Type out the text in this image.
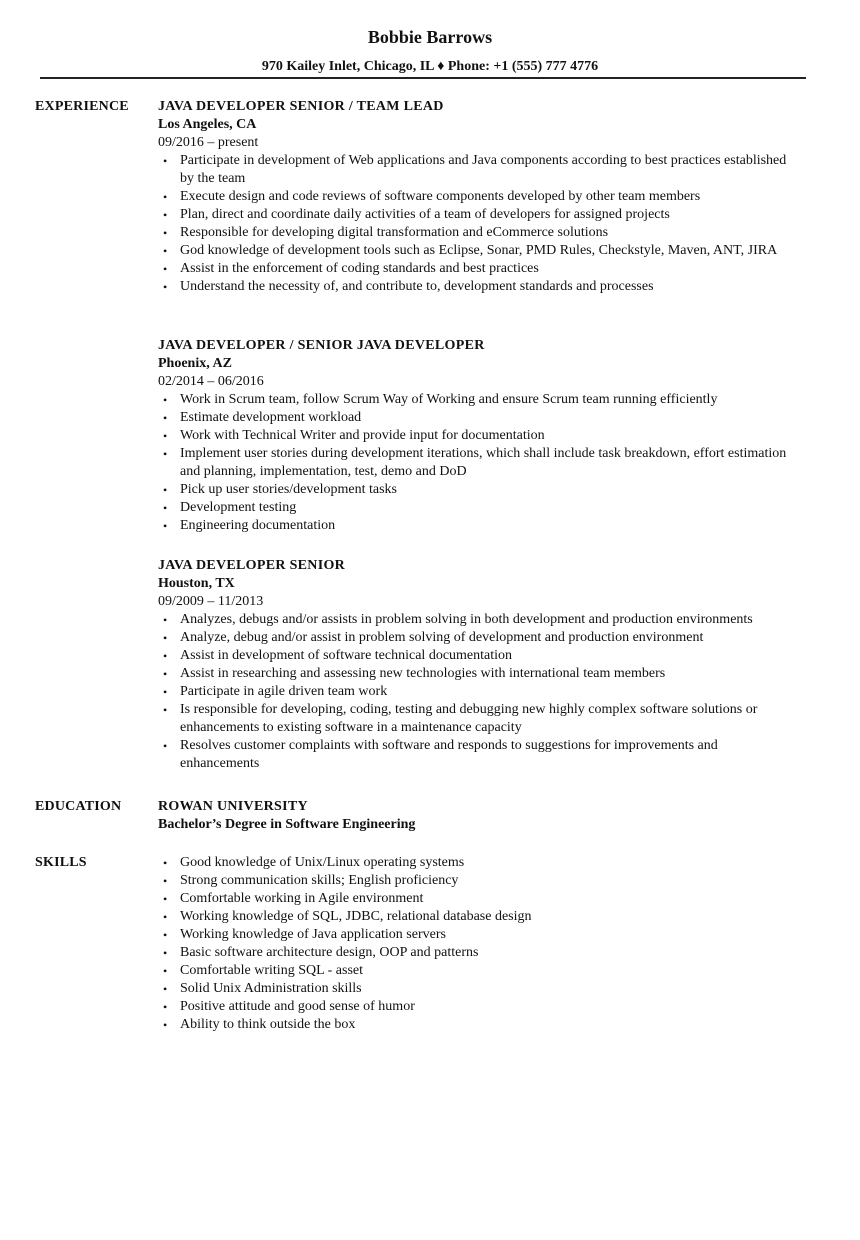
Bobbie Barrows
970 Kailey Inlet, Chicago, IL ♦ Phone: +1 (555) 777 4776
EXPERIENCE
EDUCATION
SKILLS
JAVA DEVELOPER SENIOR / TEAM LEAD
Los Angeles, CA
09/2016 – present
• Participate in development of Web applications and Java components according to best practices established by the team
• Execute design and code reviews of software components developed by other team members
• Plan, direct and coordinate daily activities of a team of developers for assigned projects
• Responsible for developing digital transformation and eCommerce solutions
• God knowledge of development tools such as Eclipse, Sonar, PMD Rules, Checkstyle, Maven, ANT, JIRA
• Assist in the enforcement of coding standards and best practices
• Understand the necessity of, and contribute to, development standards and processes
JAVA DEVELOPER / SENIOR JAVA DEVELOPER
Phoenix, AZ
02/2014 – 06/2016
• Work in Scrum team, follow Scrum Way of Working and ensure Scrum team running efficiently
• Estimate development workload
• Work with Technical Writer and provide input for documentation
• Implement user stories during development iterations, which shall include task breakdown, effort estimation and planning, implementation, test, demo and DoD
• Pick up user stories/development tasks
• Development testing
• Engineering documentation
JAVA DEVELOPER SENIOR
Houston, TX
09/2009 – 11/2013
• Analyzes, debugs and/or assists in problem solving in both development and production environments
• Analyze, debug and/or assist in problem solving of development and production environment
• Assist in development of software technical documentation
• Assist in researching and assessing new technologies with international team members
• Participate in agile driven team work
• Is responsible for developing, coding, testing and debugging new highly complex software solutions or enhancements to existing software in a maintenance capacity
• Resolves customer complaints with software and responds to suggestions for improvements and enhancements
ROWAN UNIVERSITY
Bachelor’s Degree in Software Engineering
• Good knowledge of Unix/Linux operating systems
• Strong communication skills; English proficiency
• Comfortable working in Agile environment
• Working knowledge of SQL, JDBC, relational database design
• Working knowledge of Java application servers
• Basic software architecture design, OOP and patterns
• Comfortable writing SQL - asset
• Solid Unix Administration skills
• Positive attitude and good sense of humor
• Ability to think outside the box
